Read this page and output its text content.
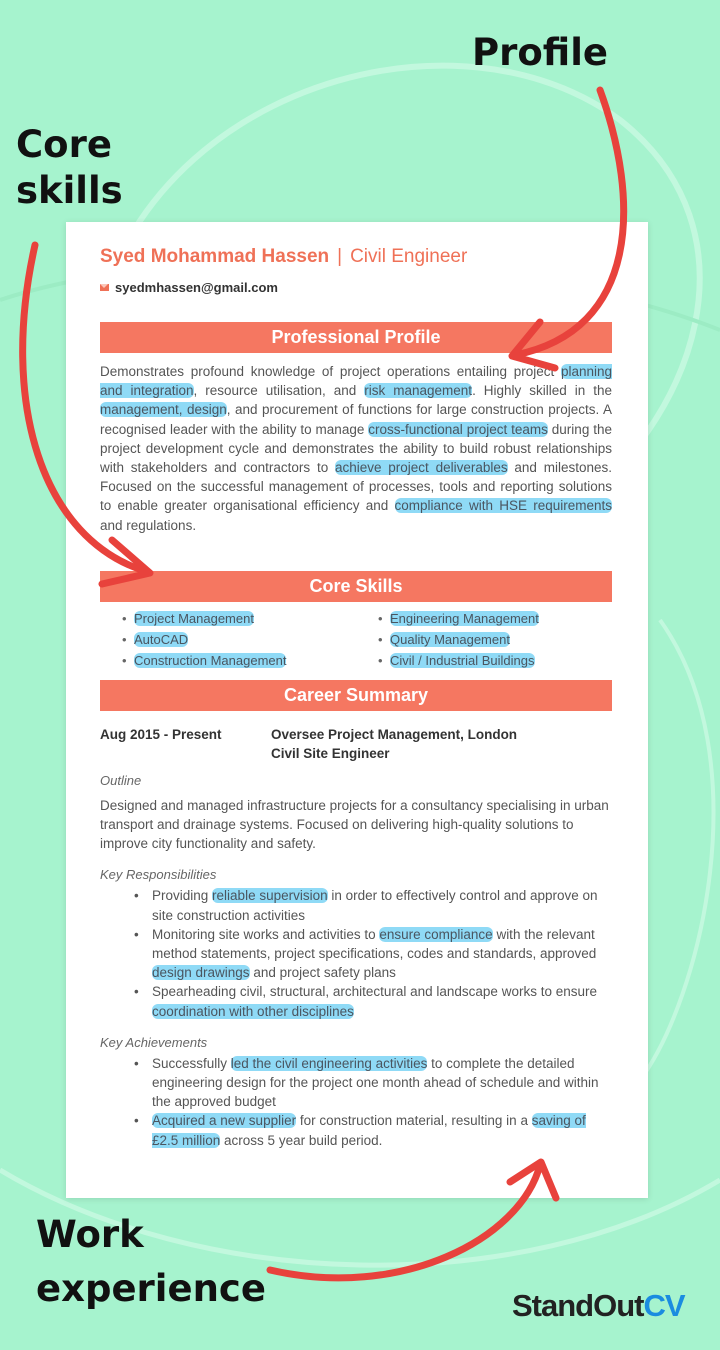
Profile
Core skills
Work experience
Syed Mohammad Hassen | Civil Engineer
syedmhassen@gmail.com
Professional Profile
Demonstrates profound knowledge of project operations entailing project planning and integration, resource utilisation, and risk management. Highly skilled in the management, design, and procurement of functions for large construction projects. A recognised leader with the ability to manage cross-functional project teams during the project development cycle and demonstrates the ability to build robust relationships with stakeholders and contractors to achieve project deliverables and milestones. Focused on the successful management of processes, tools and reporting solutions to enable greater organisational efficiency and compliance with HSE requirements and regulations.
Core Skills
• Project Management
• AutoCAD
• Construction Management
• Engineering Management
• Quality Management
• Civil / Industrial Buildings
Career Summary
Aug 2015 - Present	Oversee Project Management, London
Civil Site Engineer
Outline
Designed and managed infrastructure projects for a consultancy specialising in urban transport and drainage systems. Focused on delivering high-quality solutions to improve city functionality and safety.
Key Responsibilities
• Providing reliable supervision in order to effectively control and approve on site construction activities
• Monitoring site works and activities to ensure compliance with the relevant method statements, project specifications, codes and standards, approved design drawings and project safety plans
• Spearheading civil, structural, architectural and landscape works to ensure coordination with other disciplines
Key Achievements
• Successfully led the civil engineering activities to complete the detailed engineering design for the project one month ahead of schedule and within the approved budget
• Acquired a new supplier for construction material, resulting in a saving of £2.5 million across 5 year build period.
StandOutCV
